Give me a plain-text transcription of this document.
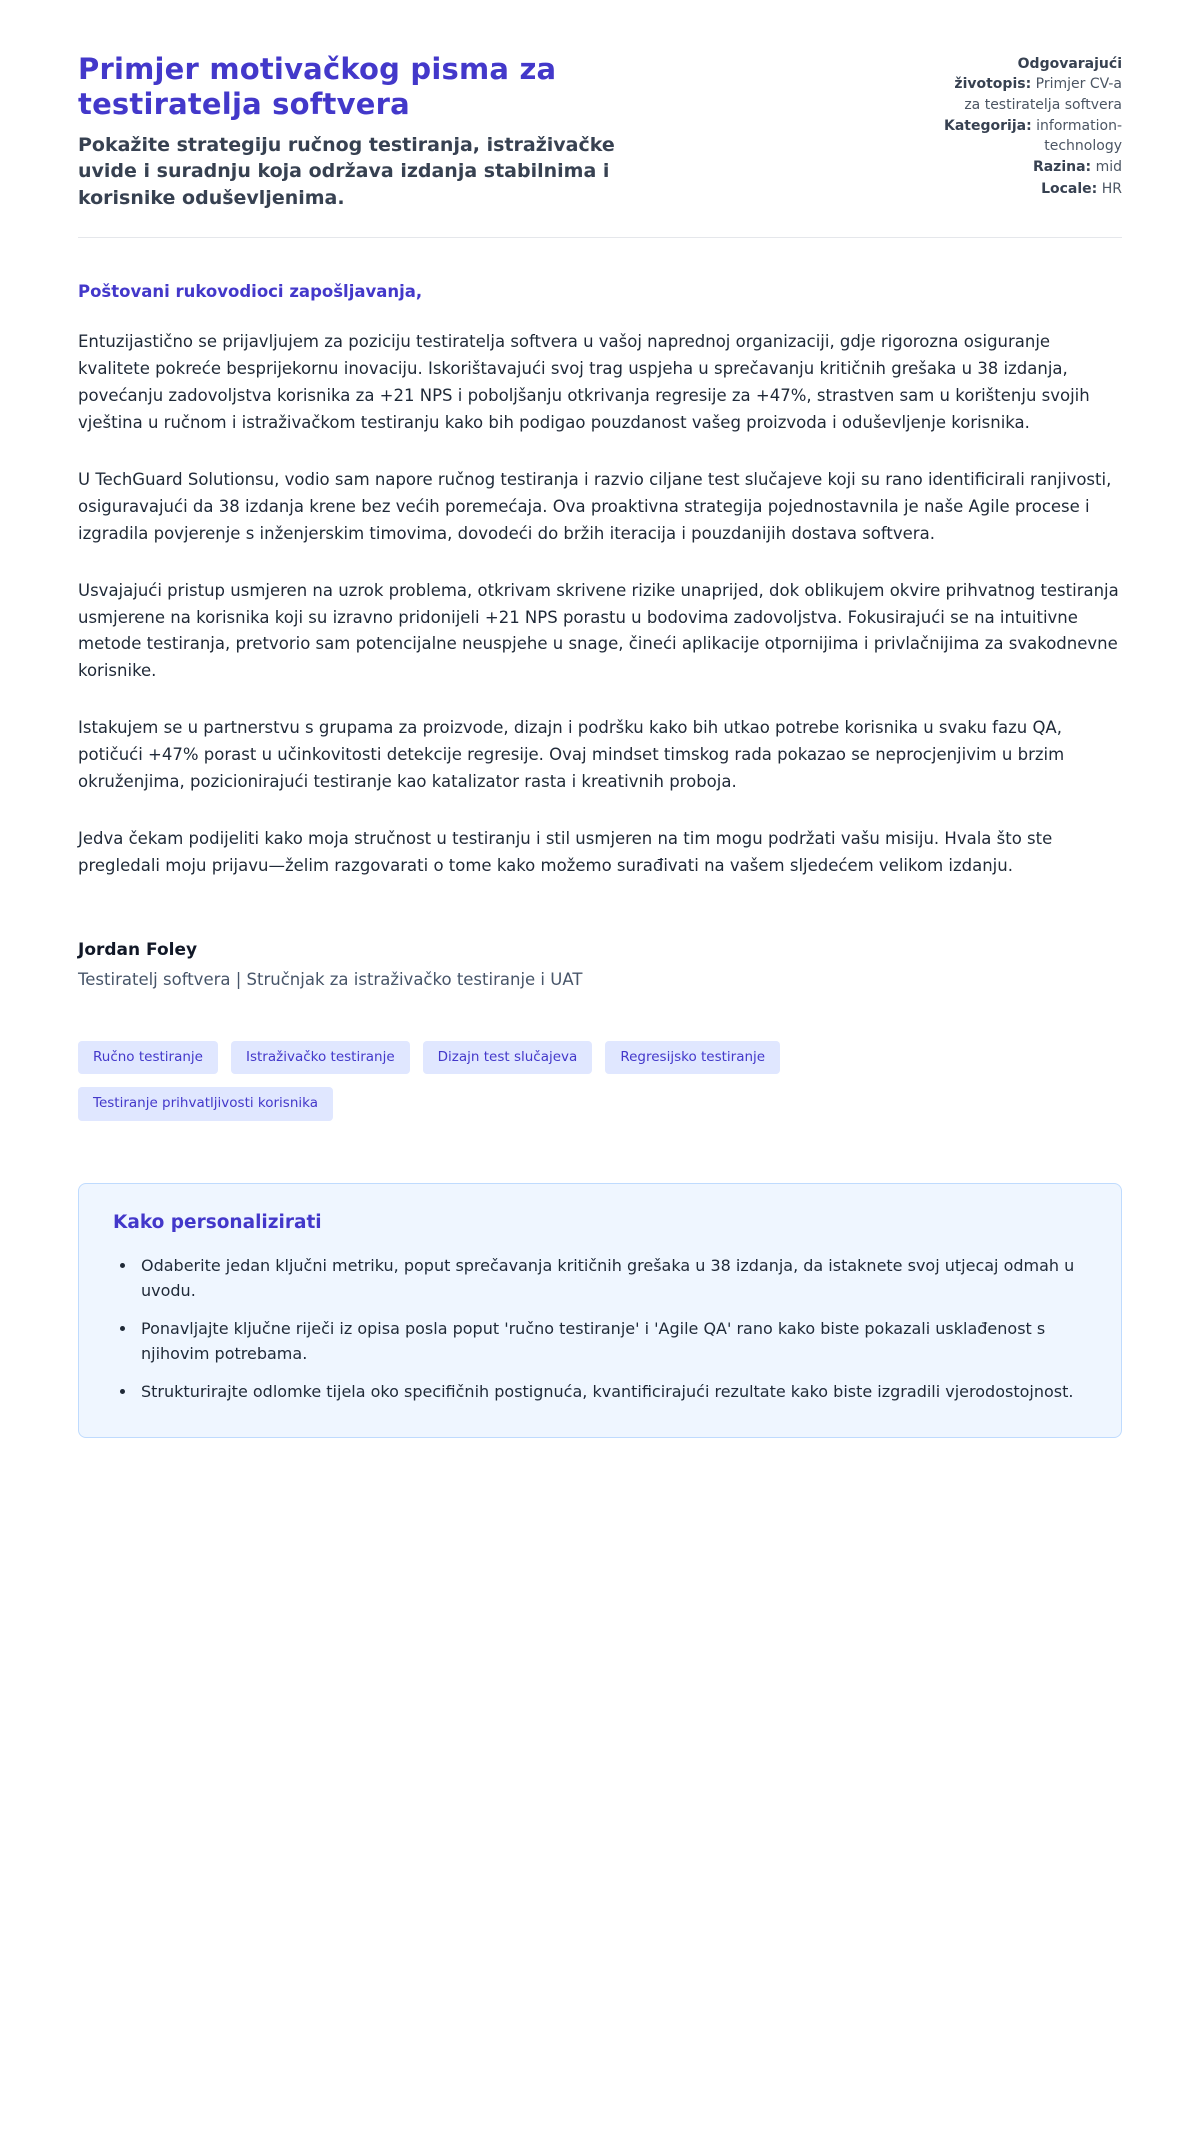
Primjer motivačkog pisma za testiratelja softvera

Pokažite strategiju ručnog testiranja, istraživačke uvide i suradnju koja održava izdanja stabilnima i korisnike oduševljenima.

Odgovarajući životopis: Primjer CV-a za testiratelja softvera
Kategorija: information-technology
Razina: mid
Locale: HR

Poštovani rukovodioci zapošljavanja,

Entuzijastično se prijavljujem za poziciju testiratelja softvera u vašoj naprednoj organizaciji, gdje rigorozna osiguranje kvalitete pokreće besprijekornu inovaciju. Iskorištavajući svoj trag uspjeha u sprečavanju kritičnih grešaka u 38 izdanja, povećanju zadovoljstva korisnika za +21 NPS i poboljšanju otkrivanja regresije za +47%, strastven sam u korištenju svojih vještina u ručnom i istraživačkom testiranju kako bih podigao pouzdanost vašeg proizvoda i oduševljenje korisnika.

U TechGuard Solutionsu, vodio sam napore ručnog testiranja i razvio ciljane test slučajeve koji su rano identificirali ranjivosti, osiguravajući da 38 izdanja krene bez većih poremećaja. Ova proaktivna strategija pojednostavnila je naše Agile procese i izgradila povjerenje s inženjerskim timovima, dovodeći do bržih iteracija i pouzdanijih dostava softvera.

Usvajajući pristup usmjeren na uzrok problema, otkrivam skrivene rizike unaprijed, dok oblikujem okvire prihvatnog testiranja usmjerene na korisnika koji su izravno pridonijeli +21 NPS porastu u bodovima zadovoljstva. Fokusirajući se na intuitivne metode testiranja, pretvorio sam potencijalne neuspjehe u snage, čineći aplikacije otpornijima i privlačnijima za svakodnevne korisnike.

Istakujem se u partnerstvu s grupama za proizvode, dizajn i podršku kako bih utkao potrebe korisnika u svaku fazu QA, potičući +47% porast u učinkovitosti detekcije regresije. Ovaj mindset timskog rada pokazao se neprocjenjivim u brzim okruženjima, pozicionirajući testiranje kao katalizator rasta i kreativnih proboja.

Jedva čekam podijeliti kako moja stručnost u testiranju i stil usmjeren na tim mogu podržati vašu misiju. Hvala što ste pregledali moju prijavu—želim razgovarati o tome kako možemo surađivati na vašem sljedećem velikom izdanju.

Jordan Foley

Testiratelj softvera | Stručnjak za istraživačko testiranje i UAT

Ručno testiranje	Istraživačko testiranje	Dizajn test slučajeva	Regresijsko testiranje
Testiranje prihvatljivosti korisnika
Kako personalizirati
• Odaberite jedan ključni metriku, poput sprečavanja kritičnih grešaka u 38 izdanja, da istaknete svoj utjecaj odmah u uvodu.
• Ponavljajte ključne riječi iz opisa posla poput 'ručno testiranje' i 'Agile QA' rano kako biste pokazali usklađenost s njihovim potrebama.
• Strukturirajte odlomke tijela oko specifičnih postignuća, kvantificirajući rezultate kako biste izgradili vjerodostojnost.
